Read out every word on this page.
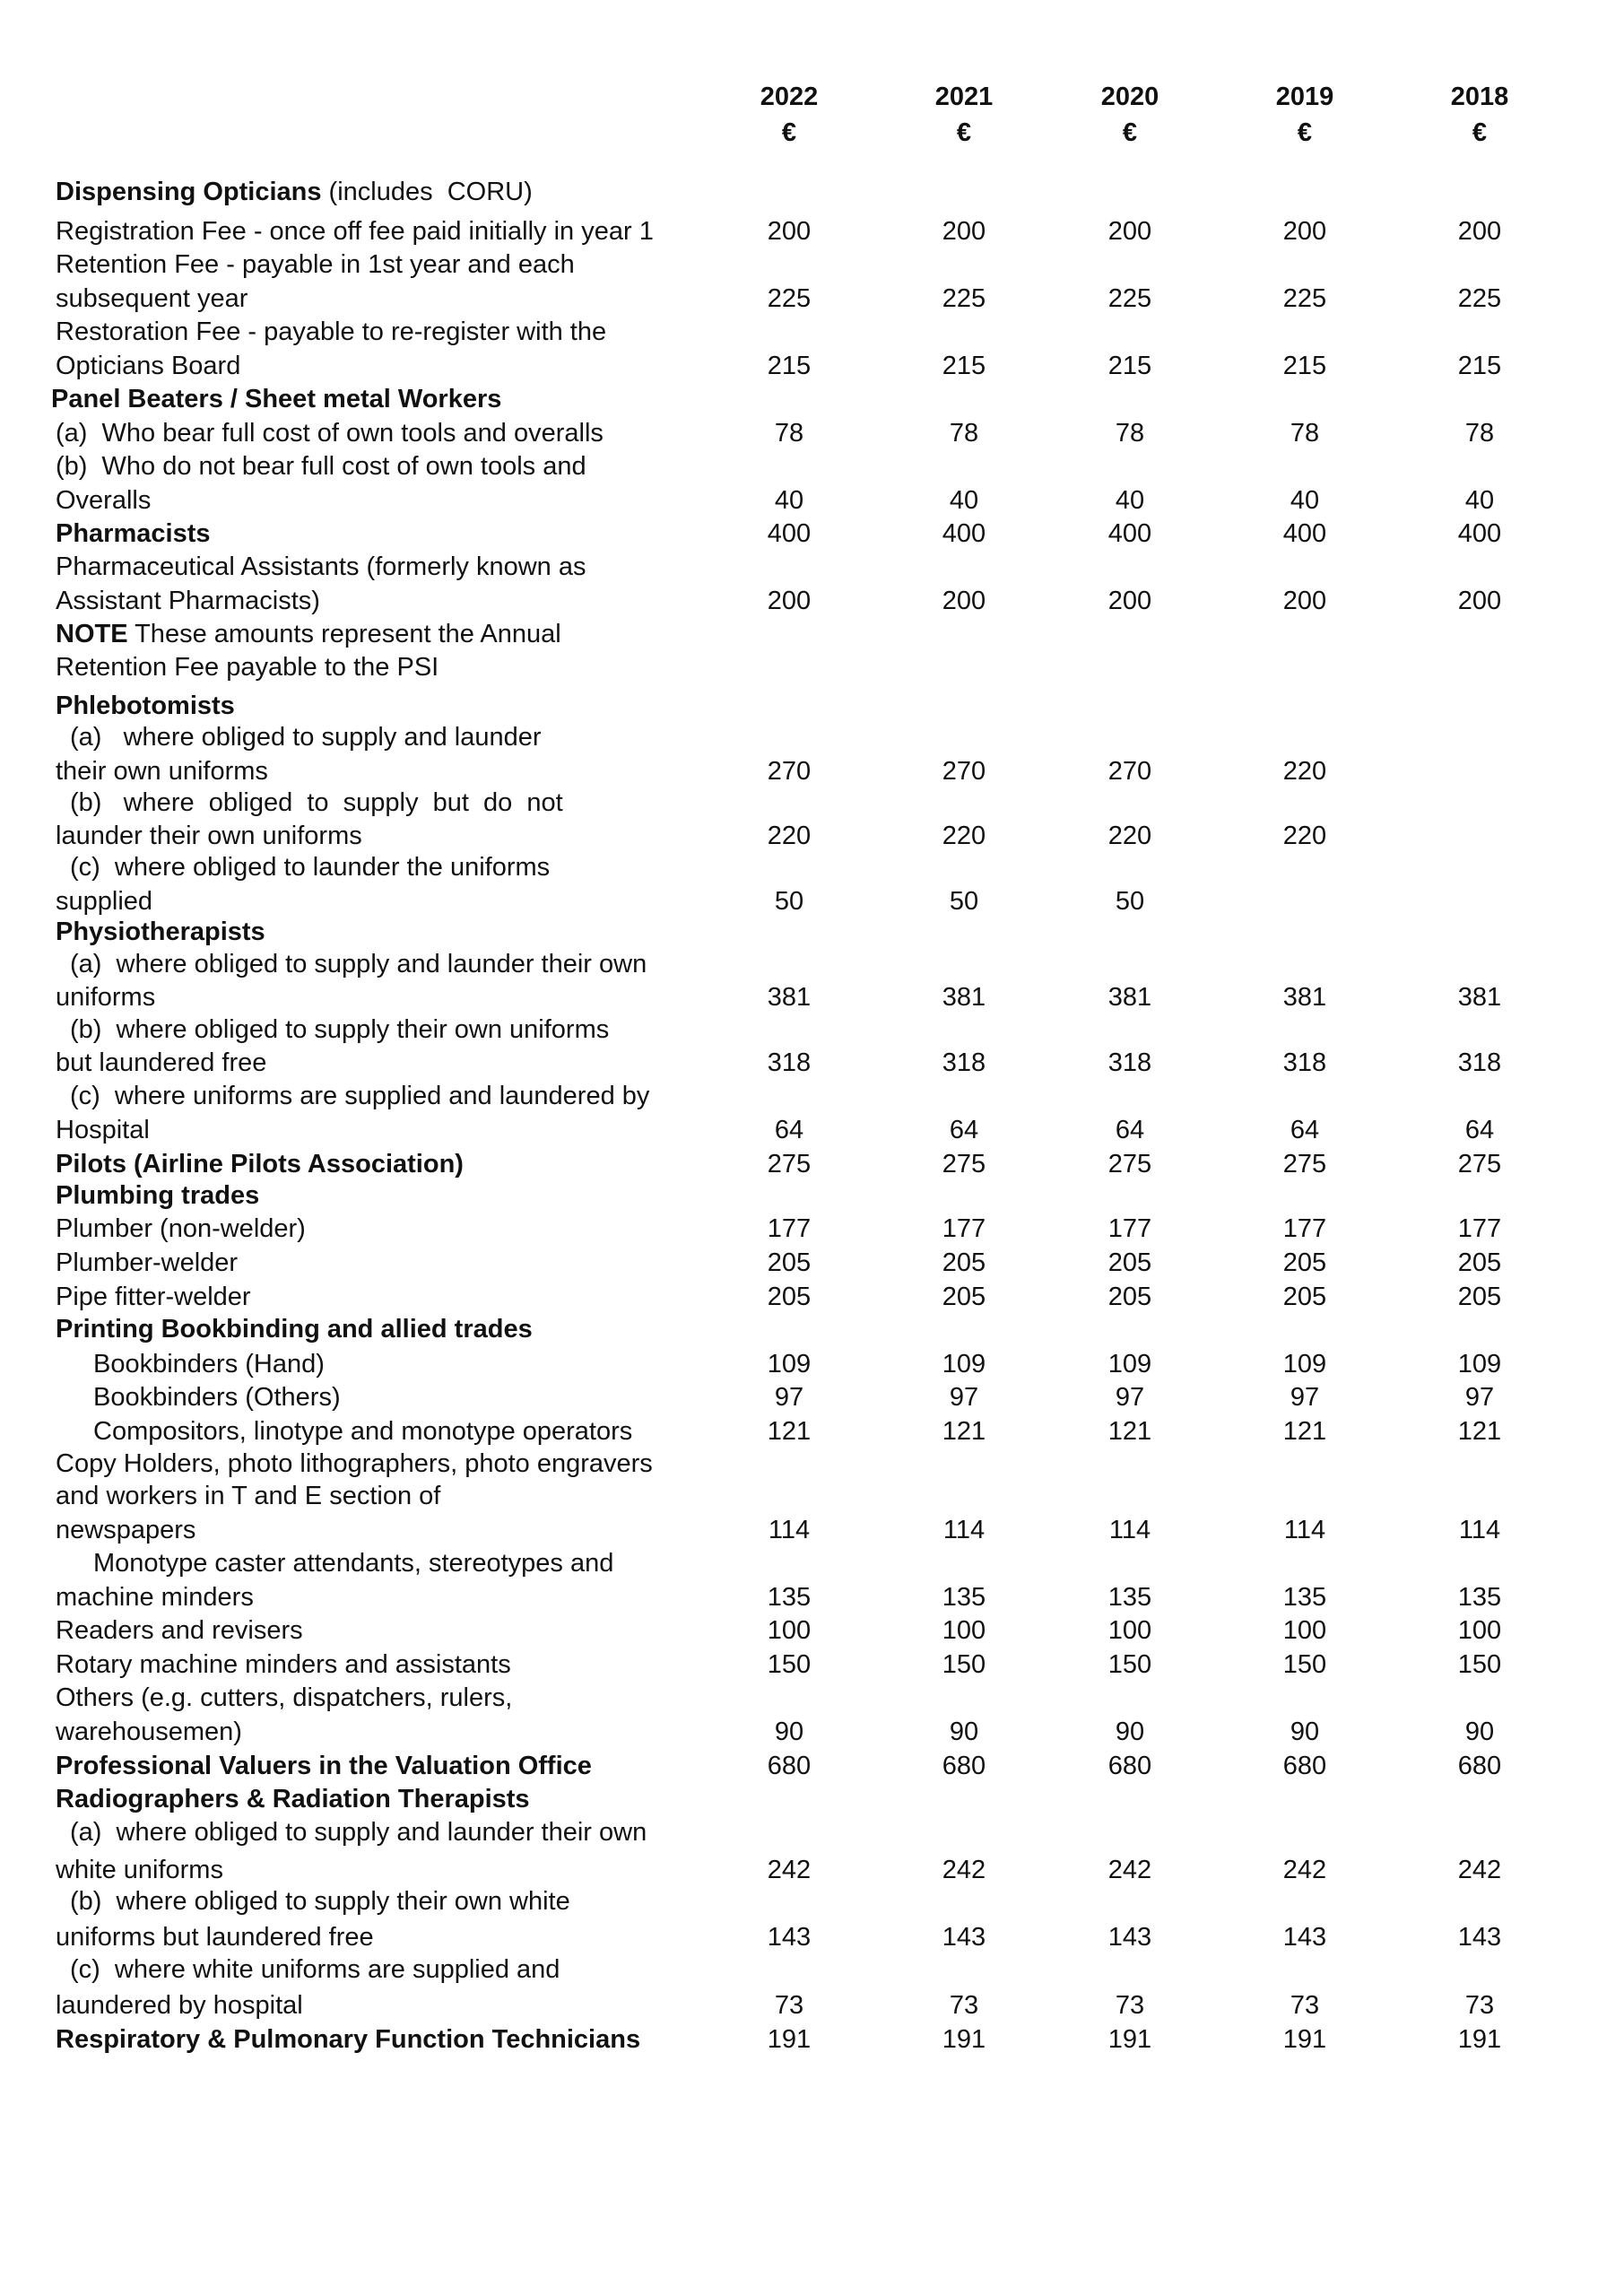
2022	2021	2020	2019	2018
€	€	€	€	€
Dispensing Opticians (includes  CORU)
Registration Fee - once off fee paid initially in year 1	200	200	200	200	200
Retention Fee - payable in 1st year and each
subsequent year	225	225	225	225	225
Restoration Fee - payable to re-register with the
Opticians Board	215	215	215	215	215
Panel Beaters / Sheet metal Workers
(a)  Who bear full cost of own tools and overalls	78	78	78	78	78
(b)  Who do not bear full cost of own tools and
Overalls	40	40	40	40	40
Pharmacists	400	400	400	400	400
Pharmaceutical Assistants (formerly known as
Assistant Pharmacists)	200	200	200	200	200
NOTE These amounts represent the Annual
Retention Fee payable to the PSI
Phlebotomists
(a)   where obliged to supply and launder
their own uniforms	270	270	270	220
(b)   where  obliged  to  supply  but  do  not
launder their own uniforms	220	220	220	220
(c)  where obliged to launder the uniforms
supplied	50	50	50
Physiotherapists
(a)  where obliged to supply and launder their own
uniforms	381	381	381	381	381
(b)  where obliged to supply their own uniforms
but laundered free	318	318	318	318	318
(c)  where uniforms are supplied and laundered by
Hospital	64	64	64	64	64
Pilots (Airline Pilots Association)	275	275	275	275	275
Plumbing trades
Plumber (non-welder)	177	177	177	177	177
Plumber-welder	205	205	205	205	205
Pipe fitter-welder	205	205	205	205	205
Printing Bookbinding and allied trades
Bookbinders (Hand)	109	109	109	109	109
Bookbinders (Others)	97	97	97	97	97
Compositors, linotype and monotype operators	121	121	121	121	121
Copy Holders, photo lithographers, photo engravers
and workers in T and E section of
newspapers	114	114	114	114	114
Monotype caster attendants, stereotypes and
machine minders	135	135	135	135	135
Readers and revisers	100	100	100	100	100
Rotary machine minders and assistants	150	150	150	150	150
Others (e.g. cutters, dispatchers, rulers,
warehousemen)	90	90	90	90	90
Professional Valuers in the Valuation Office	680	680	680	680	680
Radiographers & Radiation Therapists
(a)  where obliged to supply and launder their own
white uniforms	242	242	242	242	242
(b)  where obliged to supply their own white
uniforms but laundered free	143	143	143	143	143
(c)  where white uniforms are supplied and
laundered by hospital	73	73	73	73	73
Respiratory & Pulmonary Function Technicians	191	191	191	191	191
